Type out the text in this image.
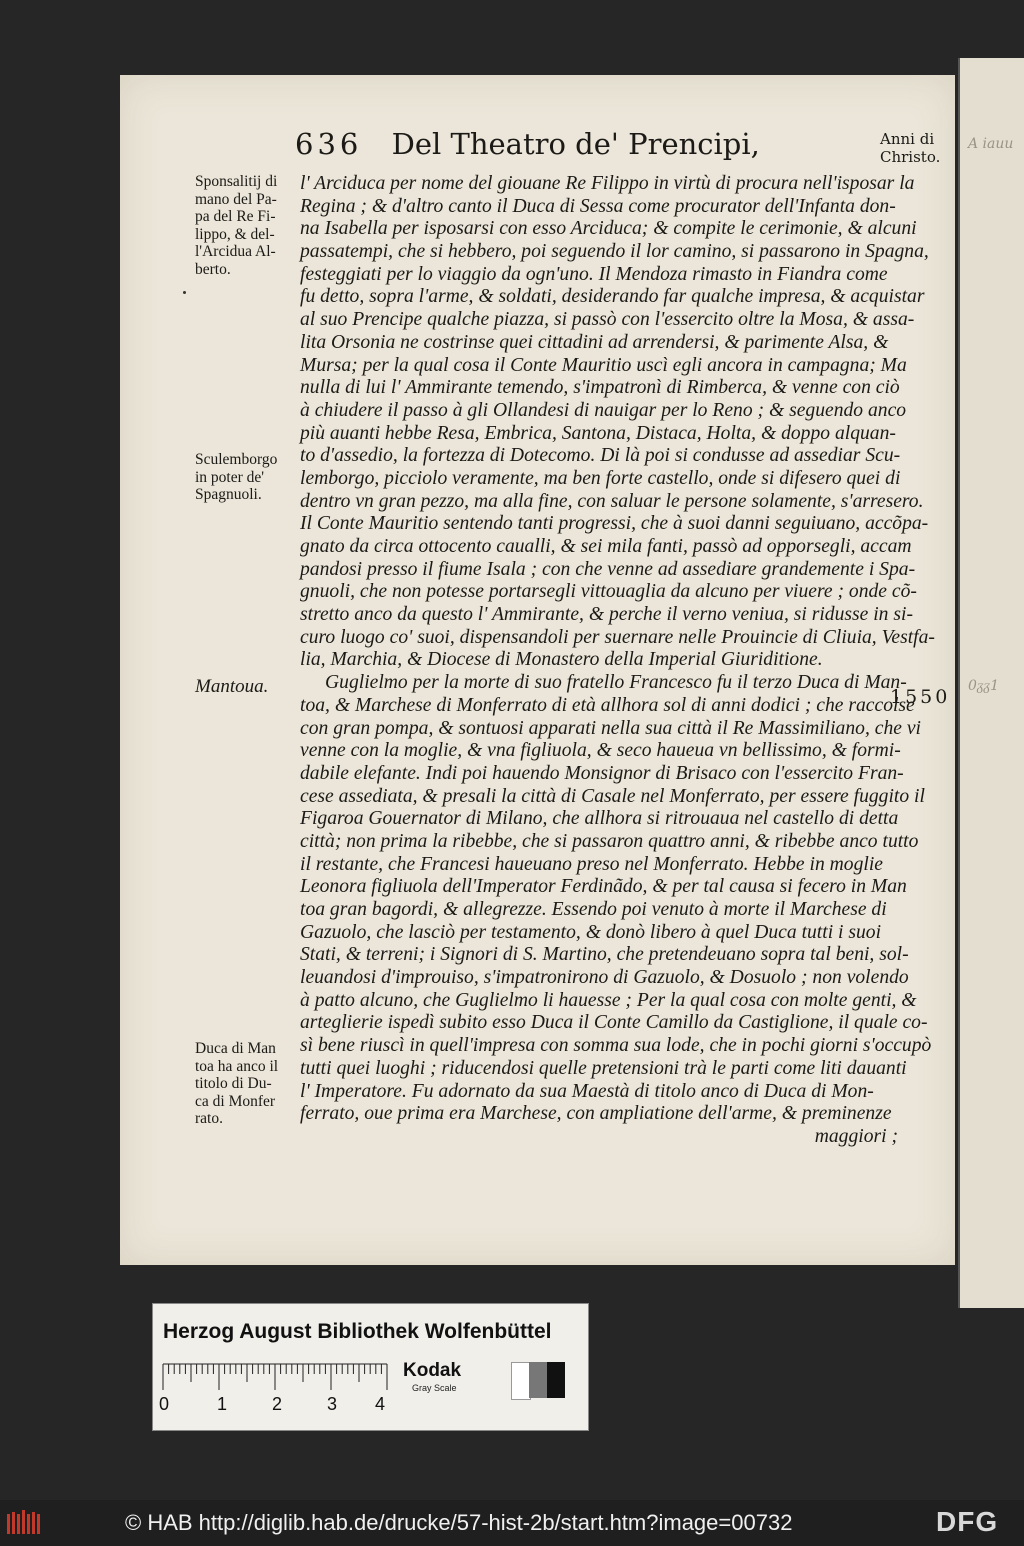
A iauu
0ᵹᵹ1
636 Del Theatro de' Prencipi,	Anni di
Christo.
Sponsalitij di
mano del Pa-
pa del Re Fi-
lippo, & del-
l'Arcidua Al-
berto.
Sculemborgo
in poter de'
Spagnuoli.
Mantoua.
Duca di Man
toa ha anco il
titolo di Du-
ca di Monfer
rato.
1550
l' Arciduca per nome del giouane Re Filippo in virtù di procura nell'isposar la
Regina ; & d'altro canto il Duca di Sessa come procurator dell'Infanta don-
na Isabella per isposarsi con esso Arciduca; & compite le cerimonie, & alcuni
passatempi, che si hebbero, poi seguendo il lor camino, si passarono in Spagna,
festeggiati per lo viaggio da ogn'uno. Il Mendoza rimasto in Fiandra come
fu detto, sopra l'arme, & soldati, desiderando far qualche impresa, & acquistar
al suo Prencipe qualche piazza, si passò con l'essercito oltre la Mosa, & assa-
lita Orsonia ne costrinse quei cittadini ad arrendersi, & parimente Alsa, &
Mursa; per la qual cosa il Conte Mauritio uscì egli ancora in campagna; Ma
nulla di lui l' Ammirante temendo, s'impatronì di Rimberca, & venne con ciò
à chiudere il passo à gli Ollandesi di nauigar per lo Reno ; & seguendo anco
più auanti hebbe Resa, Embrica, Santona, Distaca, Holta, & doppo alquan-
to d'assedio, la fortezza di Dotecomo. Di là poi si condusse ad assediar Scu-
lemborgo, picciolo veramente, ma ben forte castello, onde si difesero quei di
dentro vn gran pezzo, ma alla fine, con saluar le persone solamente, s'arresero.
Il Conte Mauritio sentendo tanti progressi, che à suoi danni seguiuano, accõpa-
gnato da circa ottocento caualli, & sei mila fanti, passò ad opporsegli, accam
pandosi presso il fiume Isala ; con che venne ad assediare grandemente i Spa-
gnuoli, che non potesse portarsegli vittouaglia da alcuno per viuere ; onde cõ-
stretto anco da questo l' Ammirante, & perche il verno veniua, si ridusse in si-
curo luogo co' suoi, dispensandoli per suernare nelle Prouincie di Cliuia, Vestfa-
lia, Marchia, & Diocese di Monastero della Imperial Giuriditione.
Guglielmo per la morte di suo fratello Francesco fu il terzo Duca di Man-
toa, & Marchese di Monferrato di età allhora sol di anni dodici ; che raccolse
con gran pompa, & sontuosi apparati nella sua città il Re Massimiliano, che vi
venne con la moglie, & vna figliuola, & seco haueua vn bellissimo, & formi-
dabile elefante. Indi poi hauendo Monsignor di Brisaco con l'essercito Fran-
cese assediata, & presali la città di Casale nel Monferrato, per essere fuggito il
Figaroa Gouernator di Milano, che allhora si ritrouaua nel castello di detta
città; non prima la ribebbe, che si passaron quattro anni, & ribebbe anco tutto
il restante, che Francesi haueuano preso nel Monferrato. Hebbe in moglie
Leonora figliuola dell'Imperator Ferdinãdo, & per tal causa si fecero in Man
toa gran bagordi, & allegrezze. Essendo poi venuto à morte il Marchese di
Gazuolo, che lasciò per testamento, & donò libero à quel Duca tutti i suoi
Stati, & terreni; i Signori di S. Martino, che pretendeuano sopra tal beni, sol-
leuandosi d'improuiso, s'impatronirono di Gazuolo, & Dosuolo ; non volendo
à patto alcuno, che Guglielmo li hauesse ; Per la qual cosa con molte genti, &
arteglierie ispedì subito esso Duca il Conte Camillo da Castiglione, il quale co-
sì bene riuscì in quell'impresa con somma sua lode, che in pochi giorni s'occupò
tutti quei luoghi ; riducendosi quelle pretensioni trà le parti come liti dauanti
l' Imperatore. Fu adornato da sua Maestà di titolo anco di Duca di Mon-
ferrato, oue prima era Marchese, con ampliatione dell'arme, & preminenze
maggiori ;
Herzog August Bibliothek Wolfenbüttel
0	1 2 3 4
Kodak
Gray Scale
© HAB http://diglib.hab.de/drucke/57-hist-2b/start.htm?image=00732	DFG
